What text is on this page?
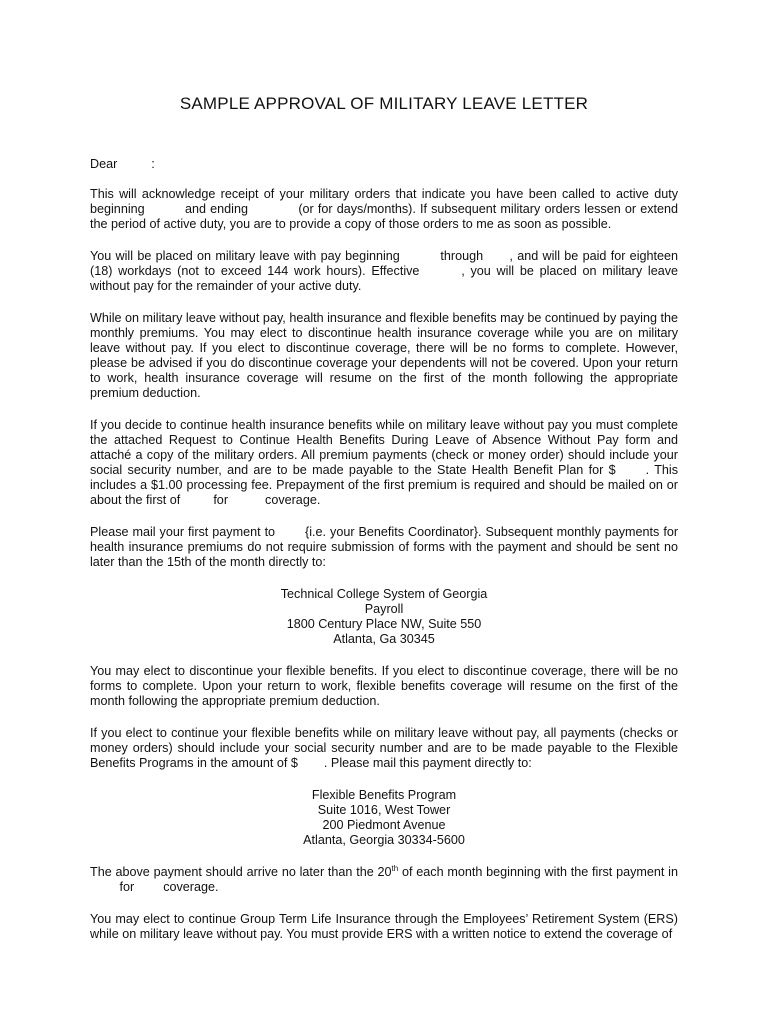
SAMPLE APPROVAL OF MILITARY LEAVE LETTER

Dear	:

This will acknowledge receipt of your military orders that indicate you have been called to active duty beginning	and ending	(or for days/months). If subsequent military orders lessen or extend the period of active duty, you are to provide a copy of those orders to me as soon as possible.

You will be placed on military leave with pay beginning	through , and will be paid for eighteen (18) workdays (not to exceed 144 work hours). Effective	, you will be placed on military leave without pay for the remainder of your active duty.

While on military leave without pay, health insurance and flexible benefits may be continued by paying the monthly premiums. You may elect to discontinue health insurance coverage while you are on military leave without pay. If you elect to discontinue coverage, there will be no forms to complete. However, please be advised if you do discontinue coverage your dependents will not be covered. Upon your return to work, health insurance coverage will resume on the first of the month following the appropriate premium deduction.

If you decide to continue health insurance benefits while on military leave without pay you must complete the attached Request to Continue Health Benefits During Leave of Absence Without Pay form and attaché a copy of the military orders. All premium payments (check or money order) should include your social security number, and are to be made payable to the State Health Benefit Plan for $ . This includes a $1.00 processing fee. Prepayment of the first premium is required and should be mailed on or about the first of	for	coverage.

Please mail your first payment to {i.e. your Benefits Coordinator}. Subsequent monthly payments for health insurance premiums do not require submission of forms with the payment and should be sent no later than the 15th of the month directly to:

Technical College System of Georgia
Payroll
1800 Century Place NW, Suite 550
Atlanta, Ga 30345

You may elect to discontinue your flexible benefits. If you elect to discontinue coverage, there will be no forms to complete. Upon your return to work, flexible benefits coverage will resume on the first of the month following the appropriate premium deduction.

If you elect to continue your flexible benefits while on military leave without pay, all payments (checks or money orders) should include your social security number and are to be made payable to the Flexible Benefits Programs in the amount of $ . Please mail this payment directly to:

Flexible Benefits Program
Suite 1016, West Tower
200 Piedmont Avenue
Atlanta, Georgia 30334-5600

The above payment should arrive no later than the 20th of each month beginning with the first payment in  for coverage.

You may elect to continue Group Term Life Insurance through the Employees’ Retirement System (ERS) while on military leave without pay. You must provide ERS with a written notice to extend the coverage of
